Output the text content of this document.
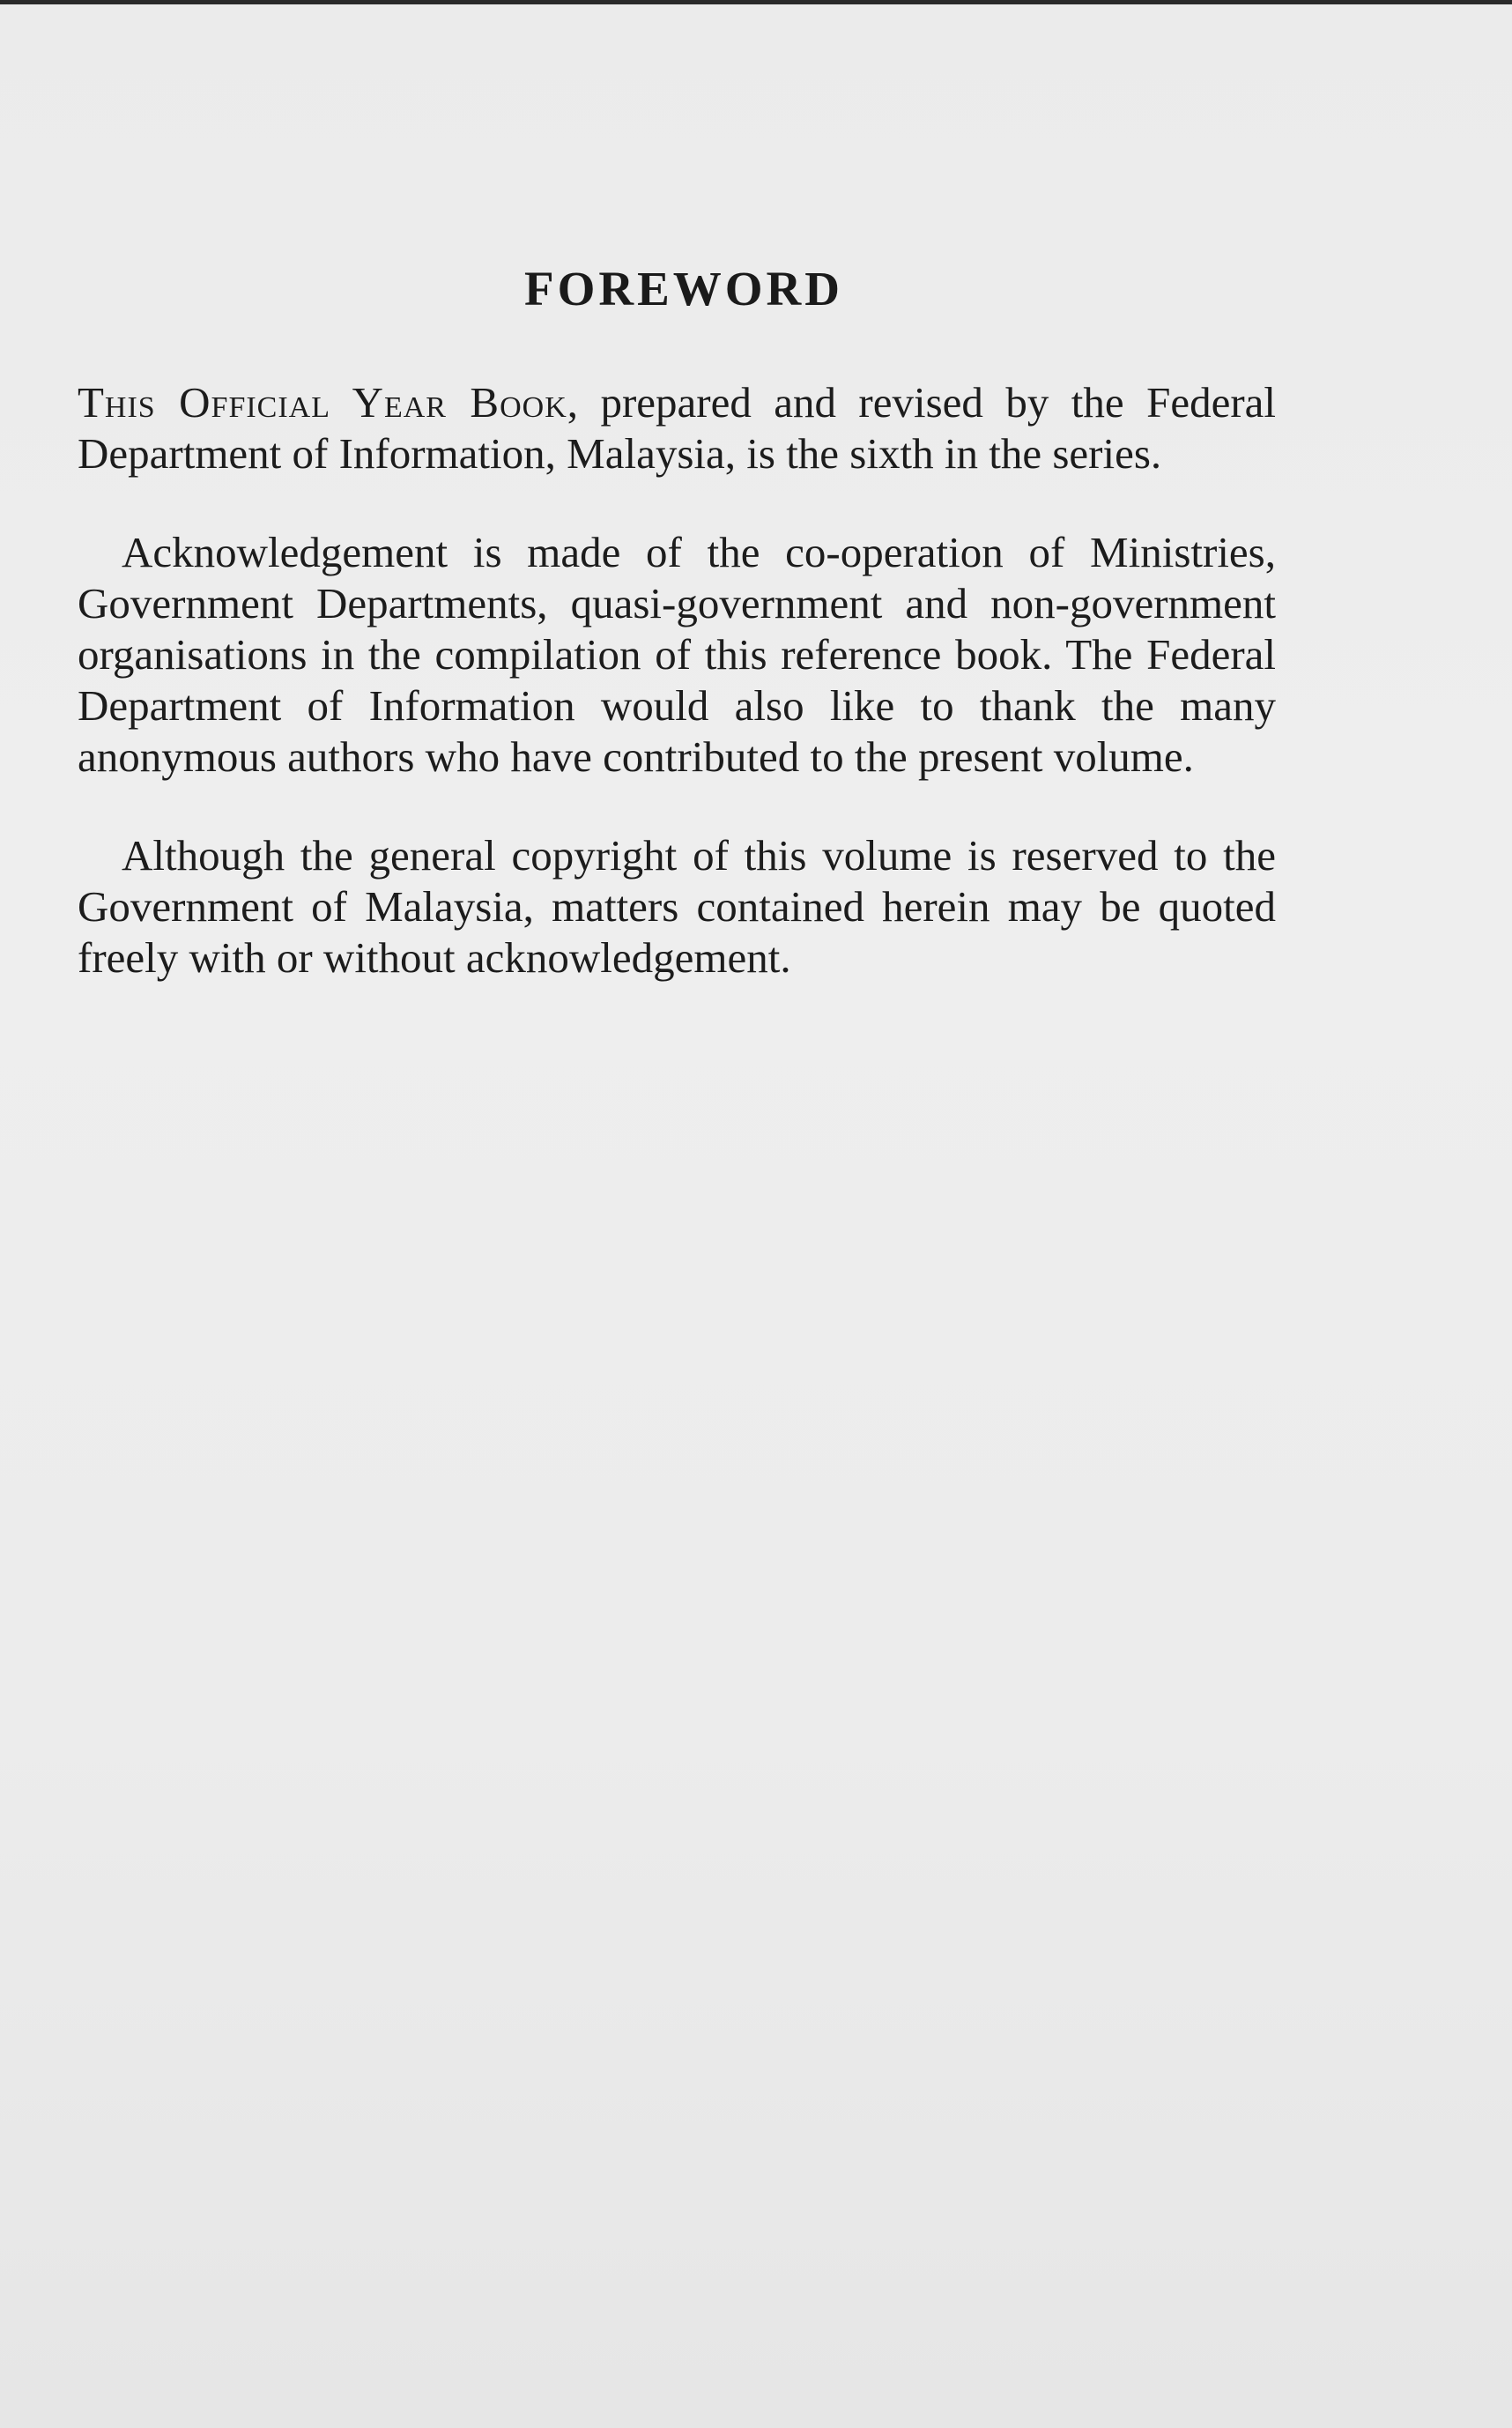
FOREWORD

This Official Year Book, prepared and revised by the Federal Department of Information, Malaysia, is the sixth in the series.

Acknowledgement is made of the co-operation of Ministries, Government Departments, quasi-government and non-government organisations in the compilation of this reference book. The Federal Department of Information would also like to thank the many anonymous authors who have contributed to the present volume.

Although the general copyright of this volume is reserved to the Government of Malaysia, matters contained herein may be quoted freely with or without acknowledgement.
